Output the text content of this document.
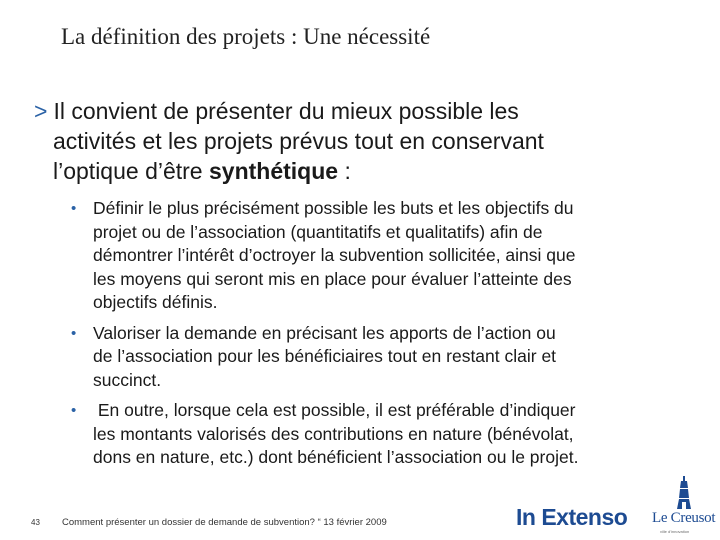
La définition des projets : Une nécessité
> Il convient de présenter du mieux possible les
activités et les projets prévus tout en conservant
l’optique d’être synthétique :
• Définir le plus précisément possible les buts et les objectifs du
projet ou de l’association (quantitatifs et qualitatifs) afin de
démontrer l’intérêt d’octroyer la subvention sollicitée, ainsi que
les moyens qui seront mis en place pour évaluer l’atteinte des
objectifs définis.
• Valoriser la demande en précisant les apports de l’action ou
de l’association pour les bénéficiaires tout en restant clair et
succinct.
• En outre, lorsque cela est possible, il est préférable d’indiquer
les montants valorisés des contributions en nature (bénévolat,
dons en nature, etc.) dont bénéficient l’association ou le projet.
43 Comment présenter un dossier de demande de subvention? “ 13 février 2009	In Extenso Le Creusot
ville d'innovation
